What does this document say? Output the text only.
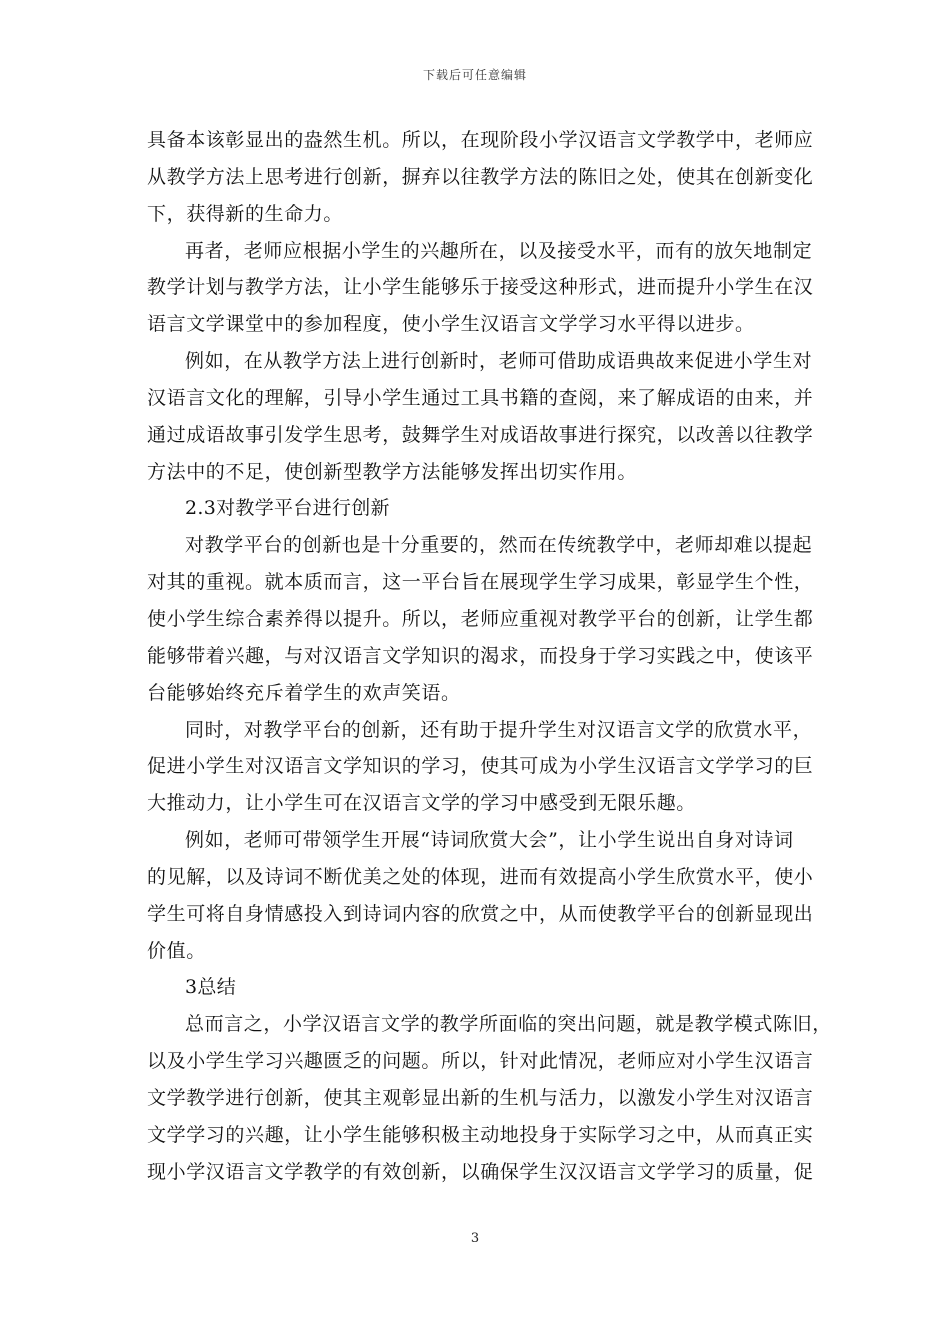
下载后可任意编辑
具备本该彰显出的盎然生机。所以，在现阶段小学汉语言文学教学中，老师应
从教学方法上思考进行创新，摒弃以往教学方法的陈旧之处，使其在创新变化
下，获得新的生命力。
再者，老师应根据小学生的兴趣所在，以及接受水平，而有的放矢地制定
教学计划与教学方法，让小学生能够乐于接受这种形式，进而提升小学生在汉
语言文学课堂中的参加程度，使小学生汉语言文学学习水平得以进步。
例如，在从教学方法上进行创新时，老师可借助成语典故来促进小学生对
汉语言文化的理解，引导小学生通过工具书籍的查阅，来了解成语的由来，并
通过成语故事引发学生思考，鼓舞学生对成语故事进行探究，以改善以往教学
方法中的不足，使创新型教学方法能够发挥出切实作用。
2.3对教学平台进行创新
对教学平台的创新也是十分重要的，然而在传统教学中，老师却难以提起
对其的重视。就本质而言，这一平台旨在展现学生学习成果，彰显学生个性，
使小学生综合素养得以提升。所以，老师应重视对教学平台的创新，让学生都
能够带着兴趣，与对汉语言文学知识的渴求，而投身于学习实践之中，使该平
台能够始终充斥着学生的欢声笑语。
同时，对教学平台的创新，还有助于提升学生对汉语言文学的欣赏水平，
促进小学生对汉语言文学知识的学习，使其可成为小学生汉语言文学学习的巨
大推动力，让小学生可在汉语言文学的学习中感受到无限乐趣。
例如，老师可带领学生开展“诗词欣赏大会”，让小学生说出自身对诗词
的见解，以及诗词不断优美之处的体现，进而有效提高小学生欣赏水平，使小
学生可将自身情感投入到诗词内容的欣赏之中，从而使教学平台的创新显现出
价值。
3总结
总而言之，小学汉语言文学的教学所面临的突出问题，就是教学模式陈旧，
以及小学生学习兴趣匮乏的问题。所以，针对此情况，老师应对小学生汉语言
文学教学进行创新，使其主观彰显出新的生机与活力，以激发小学生对汉语言
文学学习的兴趣，让小学生能够积极主动地投身于实际学习之中，从而真正实
现小学汉语言文学教学的有效创新，以确保学生汉汉语言文学学习的质量，促
3
